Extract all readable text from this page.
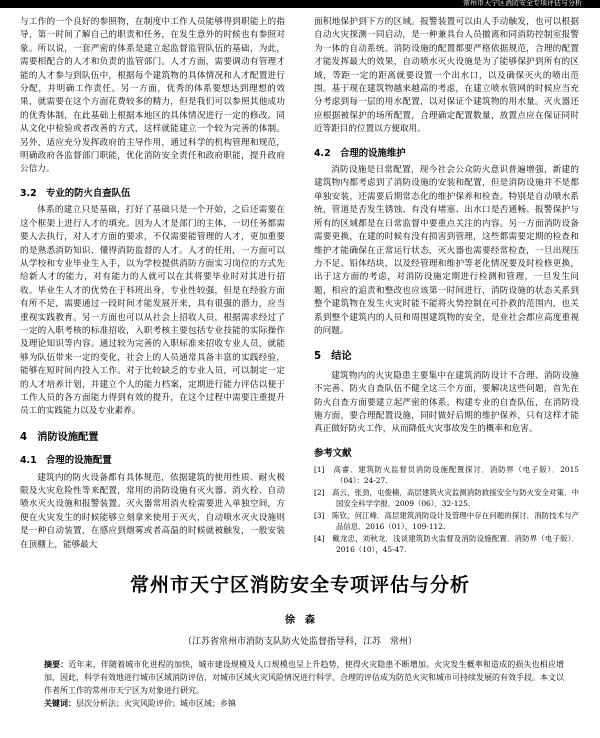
常州市天宁区消防安全专项评估与分析

与工作的一个良好的参照物，在制度中工作人员能够得到职能上的指导，第一时间了解自己的职责和任务，在发生意外的时候也有参照对象。所以说，一套严密的体系是建立起监督监管队伍的基础，为此，需要相配合的人才和负责的监管部门。人才方面，需要调动有管理才能的人才参与到队伍中，根据每个建筑物的具体情况和人才配置进行分配，并明确工作责任。另一方面，优秀的体系要想达到理想的效果，就需要在这个方面花费较多的精力，但是我们可以参照其他成功的优秀体制，在此基础上根据本地区的具体情况进行一定的修改。同从文化中检验或者改善的方式，这样就能建立一个较为完善的体制。另外，适应充分发挥政府的主导作用，通过科学的机构管理和规范，明确政府各监督部门职能，优化消防安全责任和政府职能，提升政府公信力。

3.2　专业的防火自查队伍

体系的建立只是基础，打好了基础只是一个开始，之后还需要在这个框架上进行人才的填充。因为人才是部门的主体，一切任务都需要人去执行，对人才方面的要求，不仅需要能管理的人才，更加重要的是熟悉消防知识、懂得消防监督的人才。人才的任用，一方面可以从学校和专业毕业生入手，以为学校提供消防方面实习岗位的方式先给新人才的能力，对有能力的人就可以在其将要毕业时对其进行招收。毕业生人才的优势在于科班出身，专业性较强，但是在经验方面有所不足，需要通过一段时间才能发展开来，具有很强的潜力，应当重视实践教育。另一方面也可以从社会上招收人员，根据需求经过了一定的入职考核的标准招收，入职考核主要包括专业技能的实际操作及理论知识等内容。通过较为完善的入职标准来招收专业人员，就能够为队伍带来一定的变化，社会上的人员通常具备丰富的实践经验，能够在短时间内投入工作。对于比较缺乏的专业人员，可以制定一定的人才培养计划，并建立个人的能力档案，定期进行能力评估以便于工作人员的各方面能力得到有效的提升，在这个过程中需要注重提升员工的实践能力以及专业素养。

4　消防设施配置
4.1　合理的设施配置

建筑内的防火设备都有具体规范，依据建筑的使用性质、耐火极限及火灾危险性等来配置，常用的消防设施有灭火器、消火栓、自动喷水灭火设施和报警装置。灭火器常用消火栓需要进入单独空间，方便在火灾发生的时候能够立刻拿来使用于灭火，自动喷水灭火设施则是一种自动装置，在感应到烟雾或者高温的时候就被触发，一般安装在顶棚上，能够最大

面积地保护到下方的区域。报警装置可以由人手动触发，也可以根据自动火灾探测一同启动，是一种兼具台人员撤离和同消防控制室报警为一体的自动系统。消防设施的配置都要严格依据规范，合理的配置才能发挥最大的效果，自动喷水灭火设施是为了能够保护到所有的区域，等距一定的距离就要设置一个出水口，以及确保灭火的喷出范围。基于现在建筑物越来越高的考虑，在建立喷水管网的时候应当充分考虑到每一层的用水配置，以对保证个建筑物的用水量。灭火器还应根据被保护的场所配置，合理确定配置数量，放置点应在保证同时近等距目的位置以方便取用。

4.2　合理的设施维护

消防设施是日常配置，现今社会公众防火意识普遍增强，新建的建筑物内都考虑到了消防设施的安装和配置，但是消防设施并不是都单独安装，还需要后期常态化的维护保养和检查。特别是自动喷水系统，管道是否发生锈蚀、有没有堵塞、出水口是否通畅、报警保护与所有的区域都是在日常监督中要重点关注的内容。另一方面消防设备需要更换，在建的时候有没有损害到管理，这些都需要定期的检查和维护才能确保在正常运行状态，灭火器也需要经常检查，一旦出现压力不足、铅体结块，以及经管理和维护等老化情况要及时检修更换，出于这方面的考虑，对消防设施定期进行检测和管理，一旦发生问题，相应的追责和整改也应该第一时间进行，消防设施的状态关系到整个建筑物在发生火灾时能不能将火势控制在可扑救的范围内，也关系到整个建筑内的人员和周围建筑物的安全，是业社会都应高度重视的问题。

5　结论

建筑物内的火灾隐患主要集中在建筑消防设计不合理、消防设施不完善、防火自查队伍不健全这三个方面，要解决这些问题，首先在防火自查方面要建立起严密的体系，构建专业的自查队伍，在消防设施方面，要合理配置设施，同时做好后期的维护保养，只有这样才能真正做好防火工作，从而降低火灾事故发生的概率和危害。

参考文献
[1]　高睿．建筑防火监督员消防设施配置探讨．消防界（电子版）．2015（04）：24-27.
[2]　高云，张劲，屯俊楠．高层建筑火灾监测消防救援安全与防火安全对策．中国安全科学学报．2009（06）．32-125.
[3]　陈钦，何江峰．高层建筑消防设计及管理中存在问题的探讨．消防技术与产品信息．2016（01），109-112.
[4]　戴龙忠，刘秋龙．浅谈建筑防火监督及消防设施配置．消防界（电子版）．2016（10），45-47.
常州市天宁区消防安全专项评估与分析
徐　森
（江苏省常州市消防支队防火处监督指导科，江苏　常州）
摘要：近年来，伴随着城市化进程的加快，城市建设规模及人口规模也呈上升趋势，使得火灾隐患不断增加。火灾发生概率和造成的损失也相应增加，因此，科学有效地进行城市区域消防评估，对城市区域火灾风险情况进行科学、合理的评估成为防范火灾和城市可持续发展的有效手段。本文以作者所工作的常州市天宁区为对象进行研究。
关键词：层次分析法；火灾风险评价；城市区域；乡镇
